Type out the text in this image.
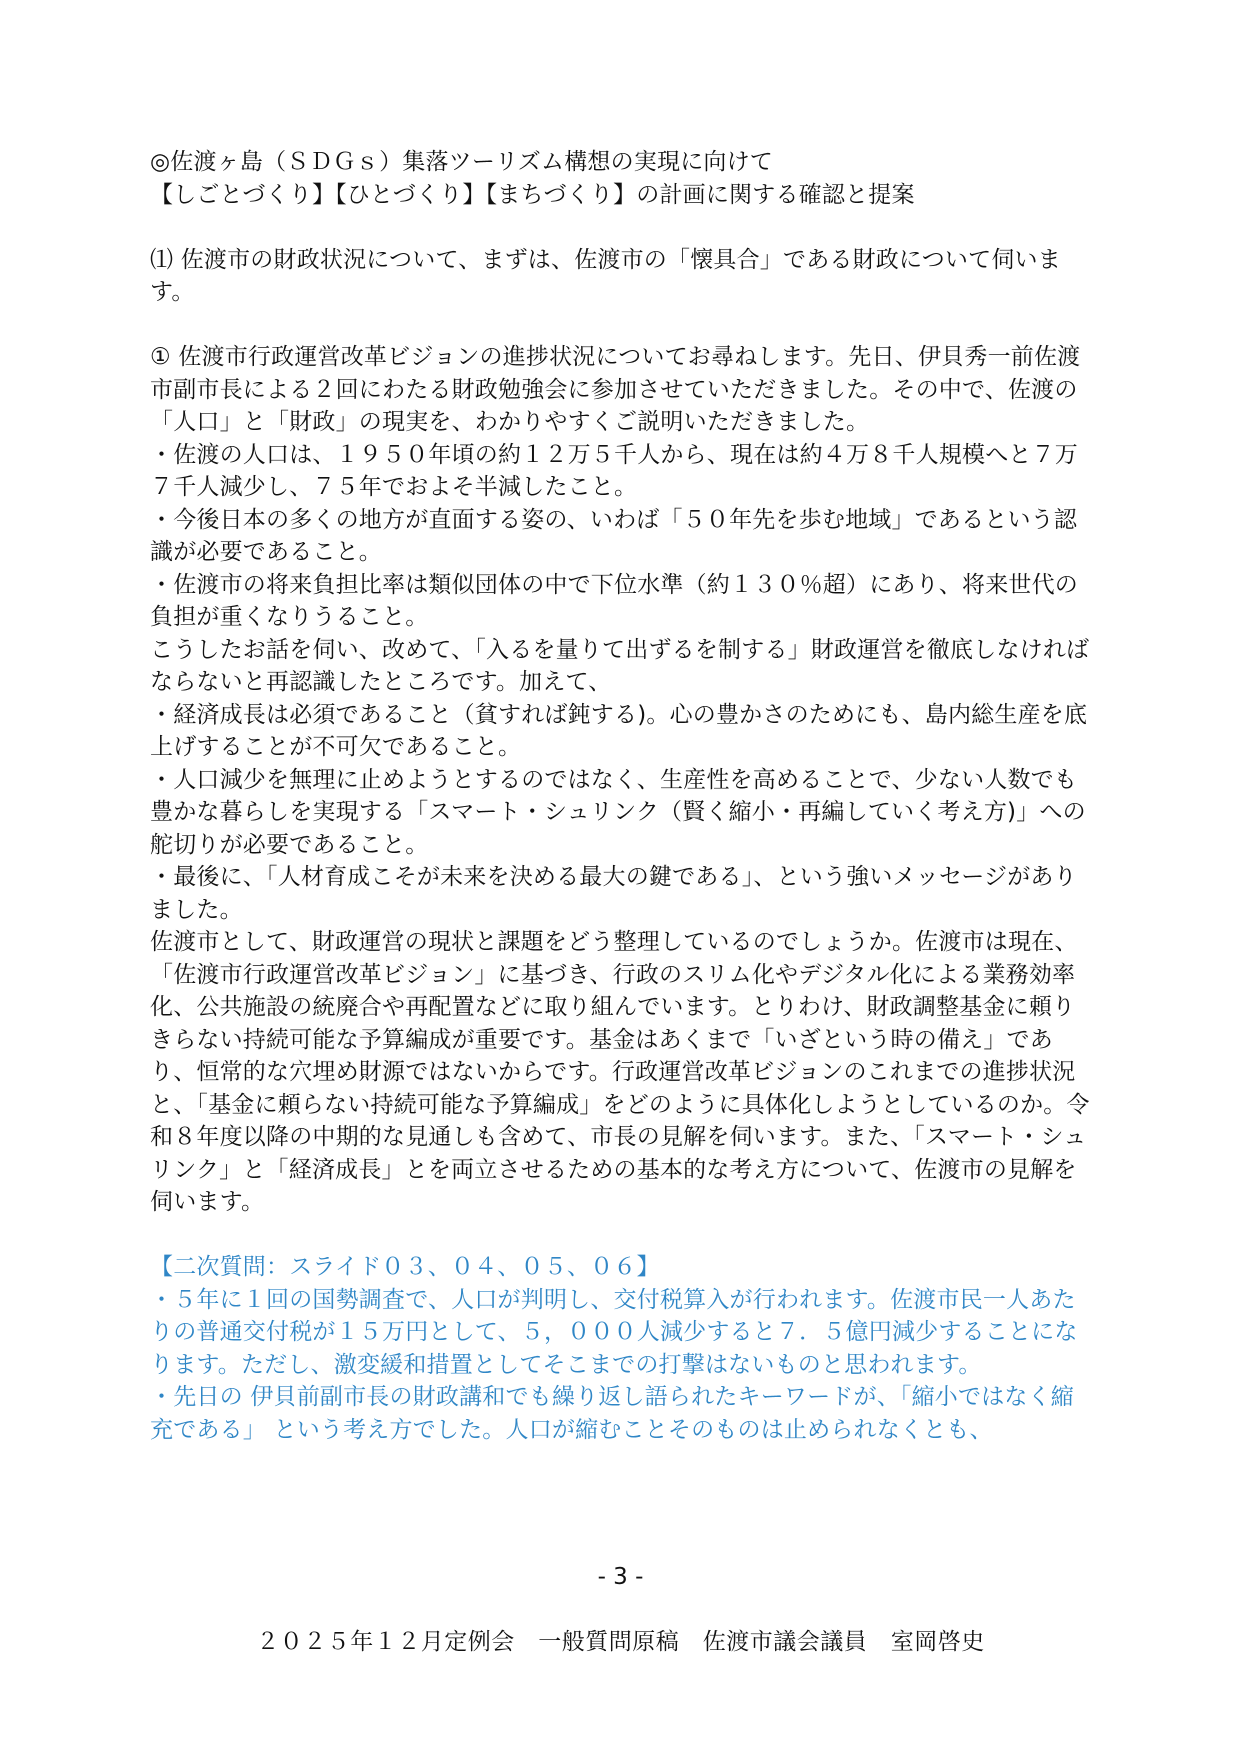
◎佐渡ヶ島（ＳＤＧｓ）集落ツーリズム構想の実現に向けて

【しごとづくり】【ひとづくり】【まちづくり】の計画に関する確認と提案

⑴ 佐渡市の財政状況について、まずは、佐渡市の「懐具合」である財政について伺います。

① 佐渡市行政運営改革ビジョンの進捗状況についてお尋ねします。先日、伊貝秀一前佐渡市副市長による２回にわたる財政勉強会に参加させていただきました。その中で、佐渡の「人口」と「財政」の現実を、わかりやすくご説明いただきました。

・佐渡の人口は、１９５０年頃の約１２万５千人から、現在は約４万８千人規模へと７万７千人減少し、７５年でおよそ半減したこと。

・今後日本の多くの地方が直面する姿の、いわば「５０年先を歩む地域」であるという認識が必要であること。

・佐渡市の将来負担比率は類似団体の中で下位水準（約１３０％超）にあり、将来世代の負担が重くなりうること。

こうしたお話を伺い、改めて、「入るを量りて出ずるを制する」財政運営を徹底しなければならないと再認識したところです。加えて、

・経済成長は必須であること（貧すれば鈍する)。心の豊かさのためにも、島内総生産を底上げすることが不可欠であること。

・人口減少を無理に止めようとするのではなく、生産性を高めることで、少ない人数でも豊かな暮らしを実現する「スマート・シュリンク（賢く縮小・再編していく考え方)」への舵切りが必要であること。

・最後に、「人材育成こそが未来を決める最大の鍵である」、という強いメッセージがありました。

佐渡市として、財政運営の現状と課題をどう整理しているのでしょうか。佐渡市は現在、「佐渡市行政運営改革ビジョン」に基づき、行政のスリム化やデジタル化による業務効率化、公共施設の統廃合や再配置などに取り組んでいます。とりわけ、財政調整基金に頼りきらない持続可能な予算編成が重要です。基金はあくまで「いざという時の備え」であり、恒常的な穴埋め財源ではないからです。行政運営改革ビジョンのこれまでの進捗状況と、「基金に頼らない持続可能な予算編成」をどのように具体化しようとしているのか。令和８年度以降の中期的な見通しも含めて、市長の見解を伺います。また、「スマート・シュリンク」と「経済成長」とを両立させるための基本的な考え方について、佐渡市の見解を伺います。

【二次質問：スライド０３、０４、０５、０６】

・５年に１回の国勢調査で、人口が判明し、交付税算入が行われます。佐渡市民一人あたりの普通交付税が１５万円として、５，０００人減少すると７．５億円減少することになります。ただし、激変緩和措置としてそこまでの打撃はないものと思われます。

・先日の 伊貝前副市長の財政講和でも繰り返し語られたキーワードが、「縮小ではなく縮充である」 という考え方でした。人口が縮むことそのものは止められなくとも、

- 3 -
２０２５年１２月定例会　一般質問原稿　佐渡市議会議員　室岡啓史
